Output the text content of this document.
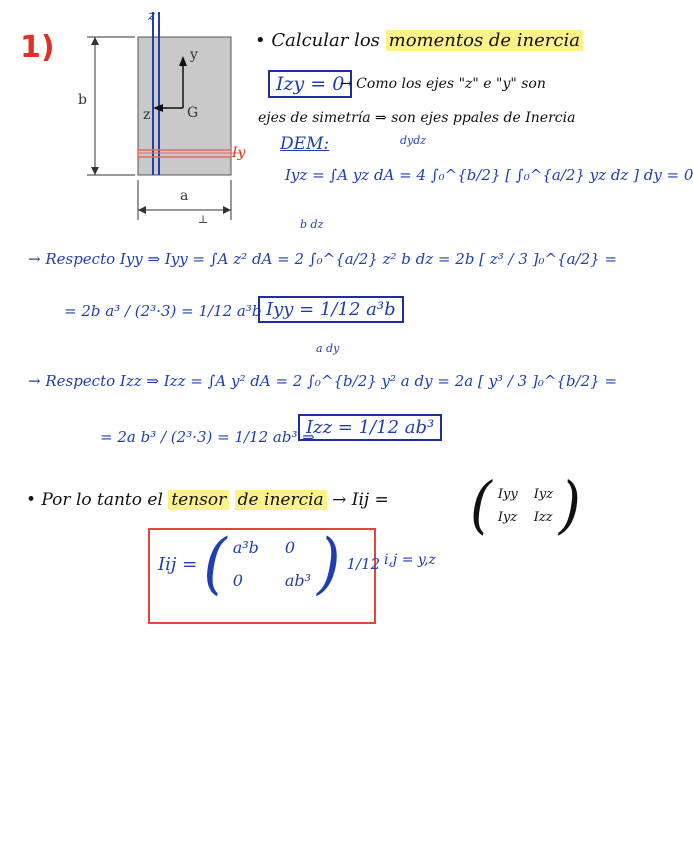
1)
b
a
y
z	G
z
Iy
⊥
• Calcular los momentos de inercia
Izy = 0
→ Como los ejes "z" e "y" son
ejes de simetría ⇒ son ejes ppales de Inercia
DEM:	dydz
Iyz = ∫A yz dA = 4 ∫₀^{b/2} [ ∫₀^{a/2} yz dz ] dy = 0
b dz
→ Respecto Iyy ⇒ Iyy = ∫A z² dA = 2 ∫₀^{a/2} z² b dz = 2b [ z³ / 3 ]₀^{a/2} =
= 2b a³ / (2³·3) = 1/12 a³b Iyy = 1/12 a³b
a dy
→ Respecto Izz ⇒ Izz = ∫A y² dA = 2 ∫₀^{b/2} y² a dy = 2a [ y³ / 3 ]₀^{b/2} =
= 2a b³ / (2³·3) = 1/12 ab³ ⇒
Izz = 1/12 ab³
• Por lo tanto el tensor de inercia → Iij = ( Iyy Iyz
Iyz Izz )
Iij = ( a³b 0
0	ab³ ) 1/12 i,j = y,z
